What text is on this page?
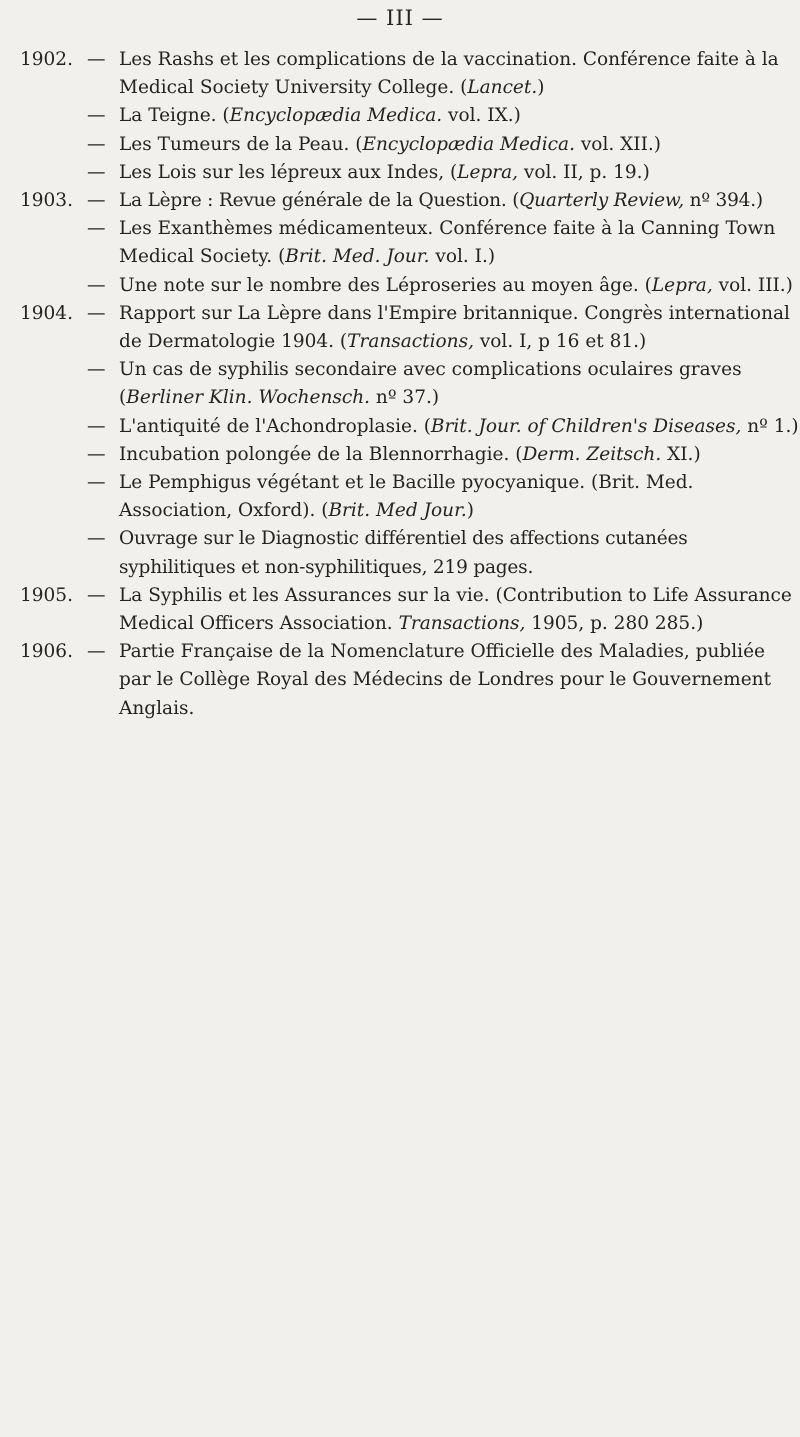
— III —

1902. — Les Rashs et les complications de la vaccination. Conférence faite à la Medical Society University College. (Lancet.)

— La Teigne. (Encyclopædia Medica. vol. IX.)

— Les Tumeurs de la Peau. (Encyclopædia Medica. vol. XII.)

— Les Lois sur les lépreux aux Indes, (Lepra, vol. II, p. 19.)

1903. — La Lèpre : Revue générale de la Question. (Quarterly Review, nº 394.)

— Les Exanthèmes médicamenteux. Conférence faite à la Canning Town Medical Society. (Brit. Med. Jour. vol. I.)

— Une note sur le nombre des Léproseries au moyen âge. (Lepra, vol. III.)

1904. — Rapport sur La Lèpre dans l'Empire britannique. Congrès international de Dermatologie 1904. (Transactions, vol. I, p 16 et 81.)

— Un cas de syphilis secondaire avec complications oculaires graves (Berliner Klin. Wochensch. nº 37.)

— L'antiquité de l'Achondroplasie. (Brit. Jour. of Children's Diseases, nº 1.)

— Incubation polongée de la Blennorrhagie. (Derm. Zeitsch. XI.)

— Le Pemphigus végétant et le Bacille pyocyanique. (Brit. Med. Association, Oxford). (Brit. Med Jour.)

— Ouvrage sur le Diagnostic différentiel des affections cutanées syphilitiques et non-syphilitiques, 219 pages.

1905. — La Syphilis et les Assurances sur la vie. (Contribution to Life Assurance Medical Officers Association. Transactions, 1905, p. 280 285.)

1906. — Partie Française de la Nomenclature Officielle des Maladies, publiée par le Collège Royal des Médecins de Londres pour le Gouvernement Anglais.
